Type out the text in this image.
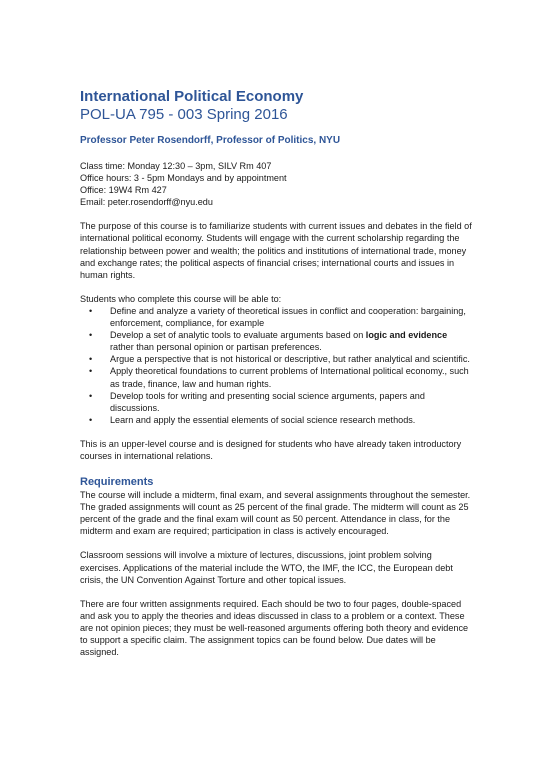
International Political Economy

POL-UA 795 - 003 Spring 2016

Professor Peter Rosendorff, Professor of Politics, NYU

Class time: Monday 12:30 – 3pm, SILV Rm 407

Office hours: 3 - 5pm Mondays and by appointment

Office: 19W4 Rm 427

Email: peter.rosendorff@nyu.edu

The purpose of this course is to familiarize students with current issues and debates in the field of international political economy. Students will engage with the current scholarship regarding the relationship between power and wealth; the politics and institutions of international trade, money and exchange rates; the political aspects of financial crises; international courts and issues in human rights.

Students who complete this course will be able to:

• Define and analyze a variety of theoretical issues in conflict and cooperation: bargaining, enforcement, compliance, for example
• Develop a set of analytic tools to evaluate arguments based on logic and evidence rather than personal opinion or partisan preferences.
• Argue a perspective that is not historical or descriptive, but rather analytical and scientific.
• Apply theoretical foundations to current problems of International political economy., such as trade, finance, law and human rights.
• Develop tools for writing and presenting social science arguments, papers and discussions.
• Learn and apply the essential elements of social science research methods.

This is an upper-level course and is designed for students who have already taken introductory courses in international relations.

Requirements

The course will include a midterm, final exam, and several assignments throughout the semester. The graded assignments will count as 25 percent of the final grade. The midterm will count as 25 percent of the grade and the final exam will count as 50 percent. Attendance in class, for the midterm and exam are required; participation in class is actively encouraged.

Classroom sessions will involve a mixture of lectures, discussions, joint problem solving exercises. Applications of the material include the WTO, the IMF, the ICC, the European debt crisis, the UN Convention Against Torture and other topical issues.

There are four written assignments required. Each should be two to four pages, double-spaced and ask you to apply the theories and ideas discussed in class to a problem or a context. These are not opinion pieces; they must be well-reasoned arguments offering both theory and evidence to support a specific claim. The assignment topics can be found below. Due dates will be assigned.
